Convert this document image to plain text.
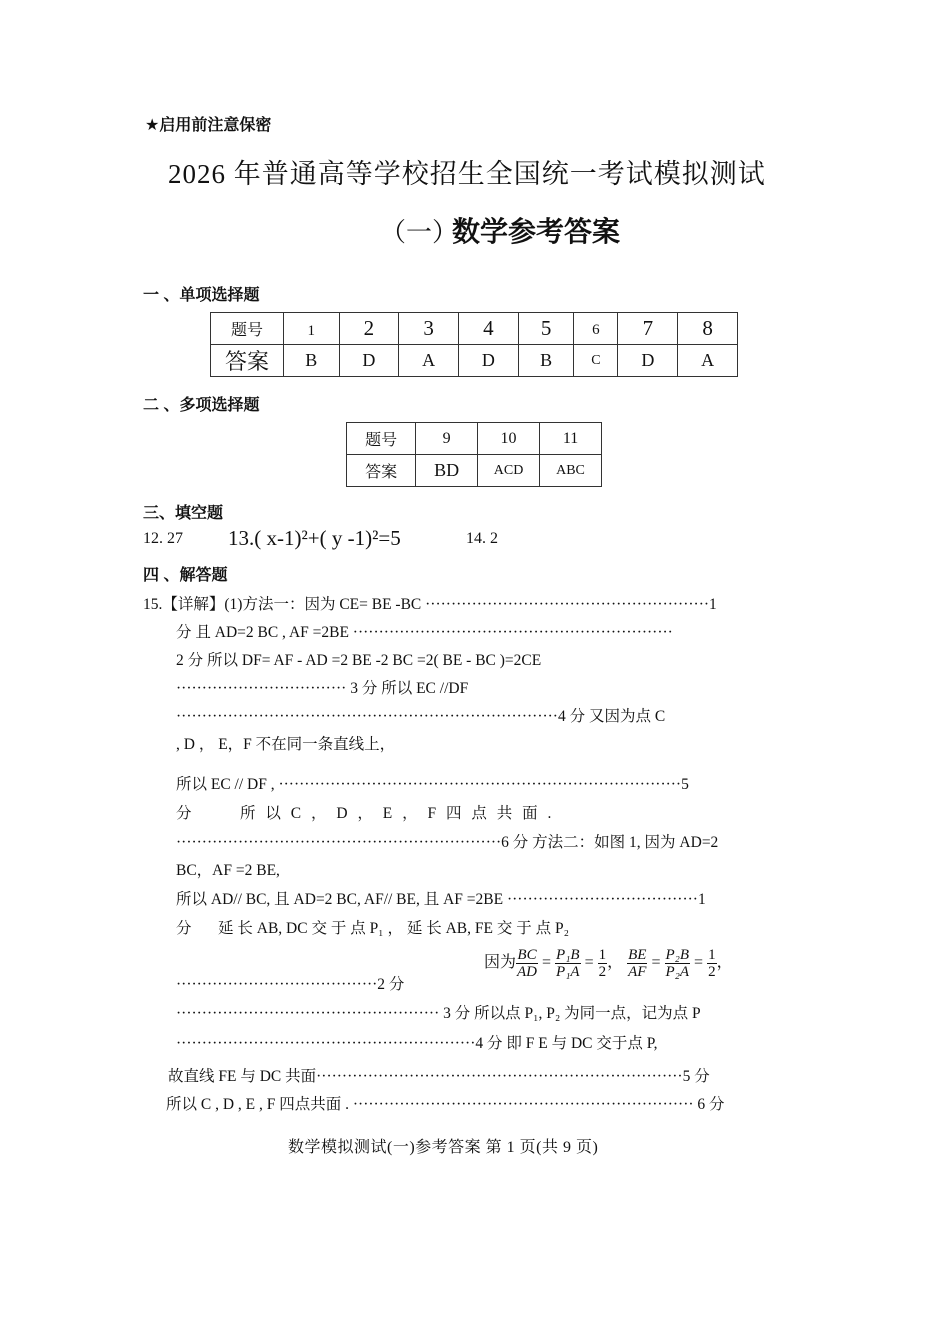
★启用前注意保密
2026 年普通高等学校招生全国统一考试模拟测试
（一）
数学参考答案
一 、单项选择题
题号	1	2	3	4	5	6	7	8
答案	B	D	A	D	B	C	D	A
二 、多项选择题
题号	9	10	11
答案	BD	ACD	ABC
三、填空题
12. 27 13.( x-1)²+( y -1)²=5	14. 2
四 、解答题
15.【详解】(1)方法一：因为 CE= BE -BC ·······················································1
分 且 AD=2 BC , AF =2BE ······························································
2 分 所以 DF= AF - AD =2 BE -2 BC =2( BE - BC )=2CE
································· 3 分 所以 EC //DF
··········································································4 分 又因为点 C
, D ， E，F 不在同一条直线上，
所以 EC // DF , ··············································································5
分	所 以 C ， D ， E ， F 四 点 共 面 .
·······························································6 分 方法二：如图 1, 因为 AD=2
BC，AF =2 BE,
所以 AD// BC, 且 AD=2 BC, AF// BE, 且 AF =2BE ·····································1
分 延 长 AB, DC 交 于 点 P₁ ， 延 长 AB, FE 交 于 点 P₂
·······································2 分
因为 $\frac{BC}{AD} = \frac{\text{P₁B}}{\text{P₁A}} = \frac{1}{2}$ ， $\frac{BE}{AF} = \frac{\text{P₂B}}{\text{P₂A}} = \frac{1}{2}$ ，
··················································· 3 分 所以点 P₁, P₂ 为同一点，记为点 P
··························································4 分 即 F E 与 DC 交于点 P,
故直线 FE 与 DC 共面·······································································5 分
所以 C , D , E , F 四点共面 . ·································································· 6 分
数学模拟测试(一)参考答案 第 1 页(共 9 页)
